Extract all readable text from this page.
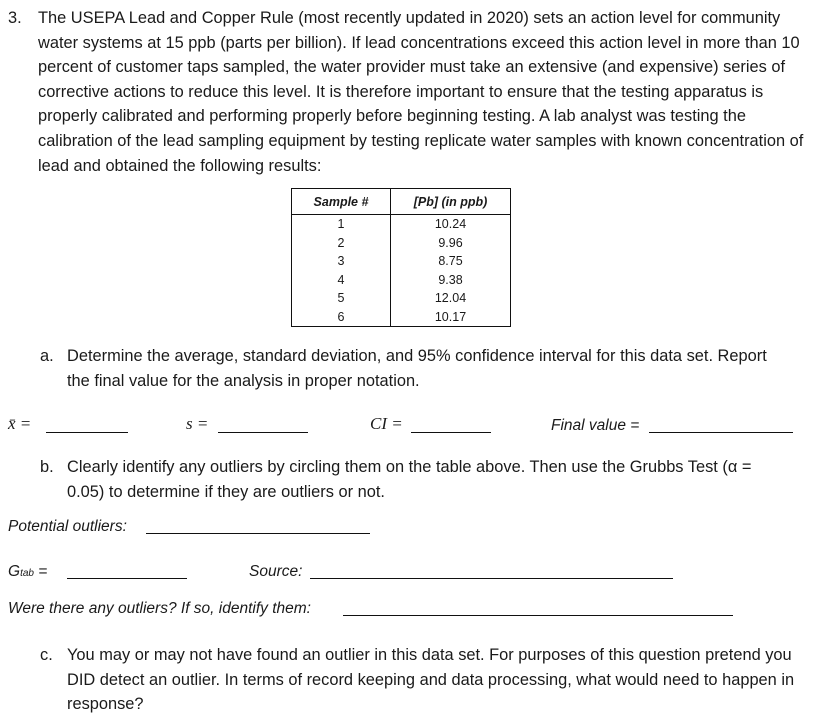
3. The USEPA Lead and Copper Rule (most recently updated in 2020) sets an action level for community water systems at 15 ppb (parts per billion). If lead concentrations exceed this action level in more than 10 percent of customer taps sampled, the water provider must take an extensive (and expensive) series of corrective actions to reduce this level. It is therefore important to ensure that the testing apparatus is properly calibrated and performing properly before beginning testing. A lab analyst was testing the calibration of the lead sampling equipment by testing replicate water samples with known concentration of lead and obtained the following results:
Sample #	[Pb] (in ppb)
1	10.24
2	9.96
3	8.75
4	9.38
5	12.04
6	10.17
a. Determine the average, standard deviation, and 95% confidence interval for this data set. Report the final value for the analysis in proper notation.
x̄ =	s =	CI =	Final value =
b. Clearly identify any outliers by circling them on the table above. Then use the Grubbs Test (α = 0.05) to determine if they are outliers or not.
Potential outliers:
Gtab =	Source:
Were there any outliers? If so, identify them:
c. You may or may not have found an outlier in this data set. For purposes of this question pretend you DID detect an outlier. In terms of record keeping and data processing, what would need to happen in response?
